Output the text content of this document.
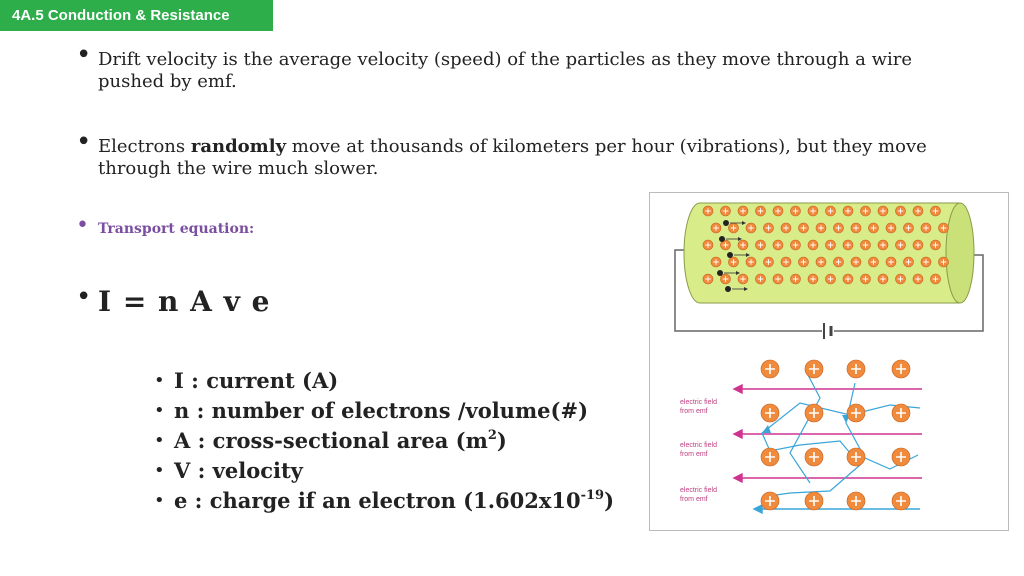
4A.5 Conduction & Resistance
• Drift velocity is the average velocity (speed) of the particles as they move through a wire pushed by emf.
• Electrons randomly move at thousands of kilometers per hour (vibrations), but they move through the wire much slower.
• Transport equation:
• I = n A v e
• I : current (A)
• n : number of electrons /volume(#)
• A : cross-sectional area $(m^2)$
• V : velocity
• e : charge if an electron $(1.602x10^{-19})$
electric field
from emf
electric field
from emf
electric field
from emf
